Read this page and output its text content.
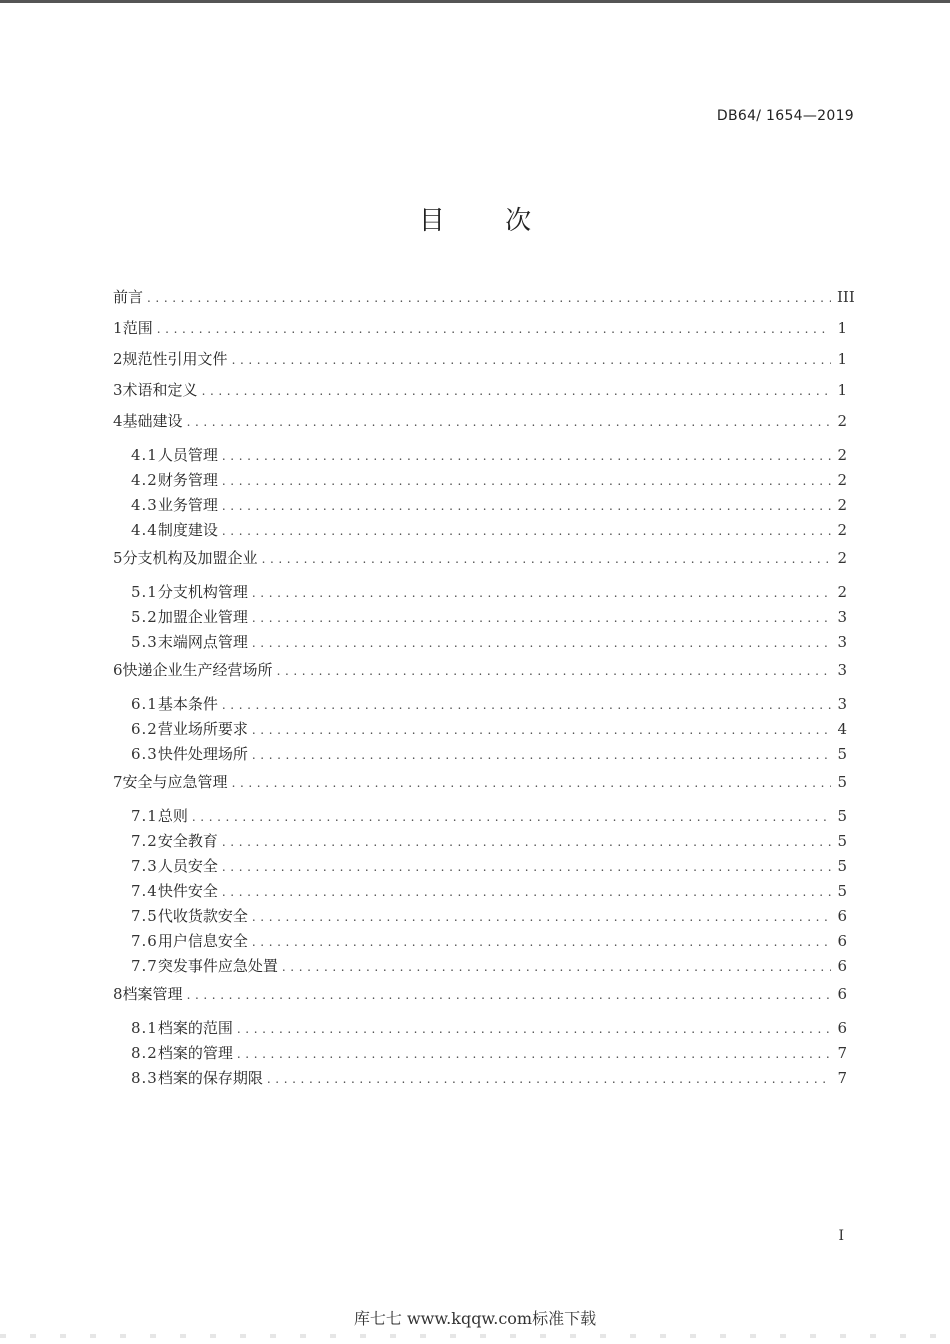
DB64/ 1654—2019
目 次
前言 .....	III
1 范围 .....	1
2 规范性引用文件 .....	1
3 术语和定义 .....	1
4 基础建设 .....	2
4.1 人员管理 .....	2
4.2 财务管理 .....	2
4.3 业务管理 .....	2
4.4 制度建设 .....	2
5 分支机构及加盟企业 .....	2
5.1 分支机构管理 .....	2
5.2 加盟企业管理 .....	3
5.3 末端网点管理 .....	3
6 快递企业生产经营场所 .....	3
6.1 基本条件 .....	3
6.2 营业场所要求 .....	4
6.3 快件处理场所 .....	5
7 安全与应急管理 .....	5
7.1 总则 .....	5
7.2 安全教育 .....	5
7.3 人员安全 .....	5
7.4 快件安全 .....	5
7.5 代收货款安全 .....	6
7.6 用户信息安全 .....	6
7.7 突发事件应急处置 .....	6
8 档案管理 .....	6
8.1 档案的范围 .....	6
8.2 档案的管理 .....	7
8.3 档案的保存期限 .....	7
I
库七七 www.kqqw.com标准下载
